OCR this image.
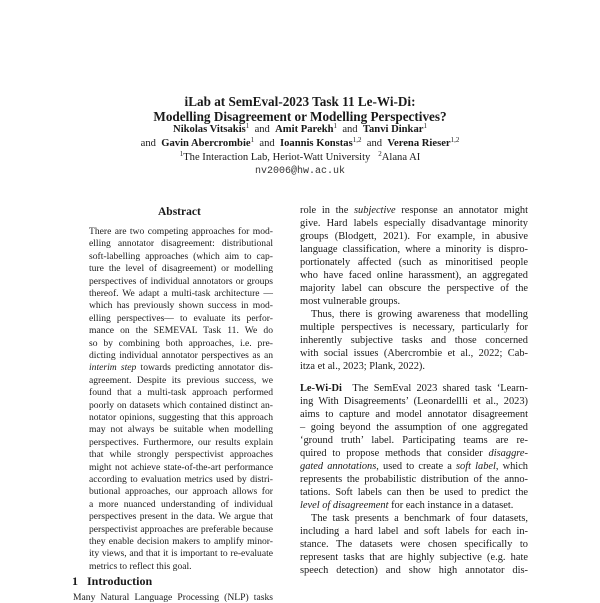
iLab at SemEval-2023 Task 11 Le-Wi-Di:
Modelling Disagreement or Modelling Perspectives?
Nikolas Vitsakis$^1$ and Amit Parekh$^1$ and Tanvi Dinkar$^1$
and Gavin Abercrombie$^1$ and Ioannis Konstas$^{1,2}$ and Verena Rieser$^{1,2}$
$^1$The Interaction Lab, Heriot-Watt University $^2$Alana AI
nv2006@hw.ac.uk
Abstract
There are two competing approaches for mod-
elling annotator disagreement: distributional
soft-labelling approaches (which aim to cap-
ture the level of disagreement) or modelling
perspectives of individual annotators or groups
thereof. We adapt a multi-task architecture —
which has previously shown success in mod-
elling perspectives— to evaluate its perfor-
mance on the SEMEVAL Task 11. We do
so by combining both approaches, i.e. pre-
dicting individual annotator perspectives as an
interim step towards predicting annotator dis-
agreement. Despite its previous success, we
found that a multi-task approach performed
poorly on datasets which contained distinct an-
notator opinions, suggesting that this approach
may not always be suitable when modelling
perspectives. Furthermore, our results explain
that while strongly perspectivist approaches
might not achieve state-of-the-art performance
according to evaluation metrics used by distri-
butional approaches, our approach allows for
a more nuanced understanding of individual
perspectives present in the data. We argue that
perspectivist approaches are preferable because
they enable decision makers to amplify minor-
ity views, and that it is important to re-evaluate
metrics to reflect this goal.
1 Introduction
Many Natural Language Processing (NLP) tasks
role in the subjective response an annotator might
give. Hard labels especially disadvantage minority
groups (Blodgett, 2021). For example, in abusive
language classification, where a minority is dispro-
portionately affected (such as minoritised people
who have faced online harassment), an aggregated
majority label can obscure the perspective of the
most vulnerable groups.
Thus, there is growing awareness that modelling
multiple perspectives is necessary, particularly for
inherently subjective tasks and those concerned
with social issues (Abercrombie et al., 2022; Cab-
itza et al., 2023; Plank, 2022).
Le-Wi-Di  The SemEval 2023 shared task ‘Learn-
ing With Disagreements’ (Leonardellli et al., 2023)
aims to capture and model annotator disagreement
– going beyond the assumption of one aggregated
‘ground truth’ label. Participating teams are re-
quired to propose methods that consider disaggre-
gated annotations, used to create a soft label, which
represents the probabilistic distribution of the anno-
tations. Soft labels can then be used to predict the
level of disagreement for each instance in a dataset.
The task presents a benchmark of four datasets,
including a hard label and soft labels for each in-
stance. The datasets were chosen specifically to
represent tasks that are highly subjective (e.g. hate
speech detection) and show high annotator dis-
